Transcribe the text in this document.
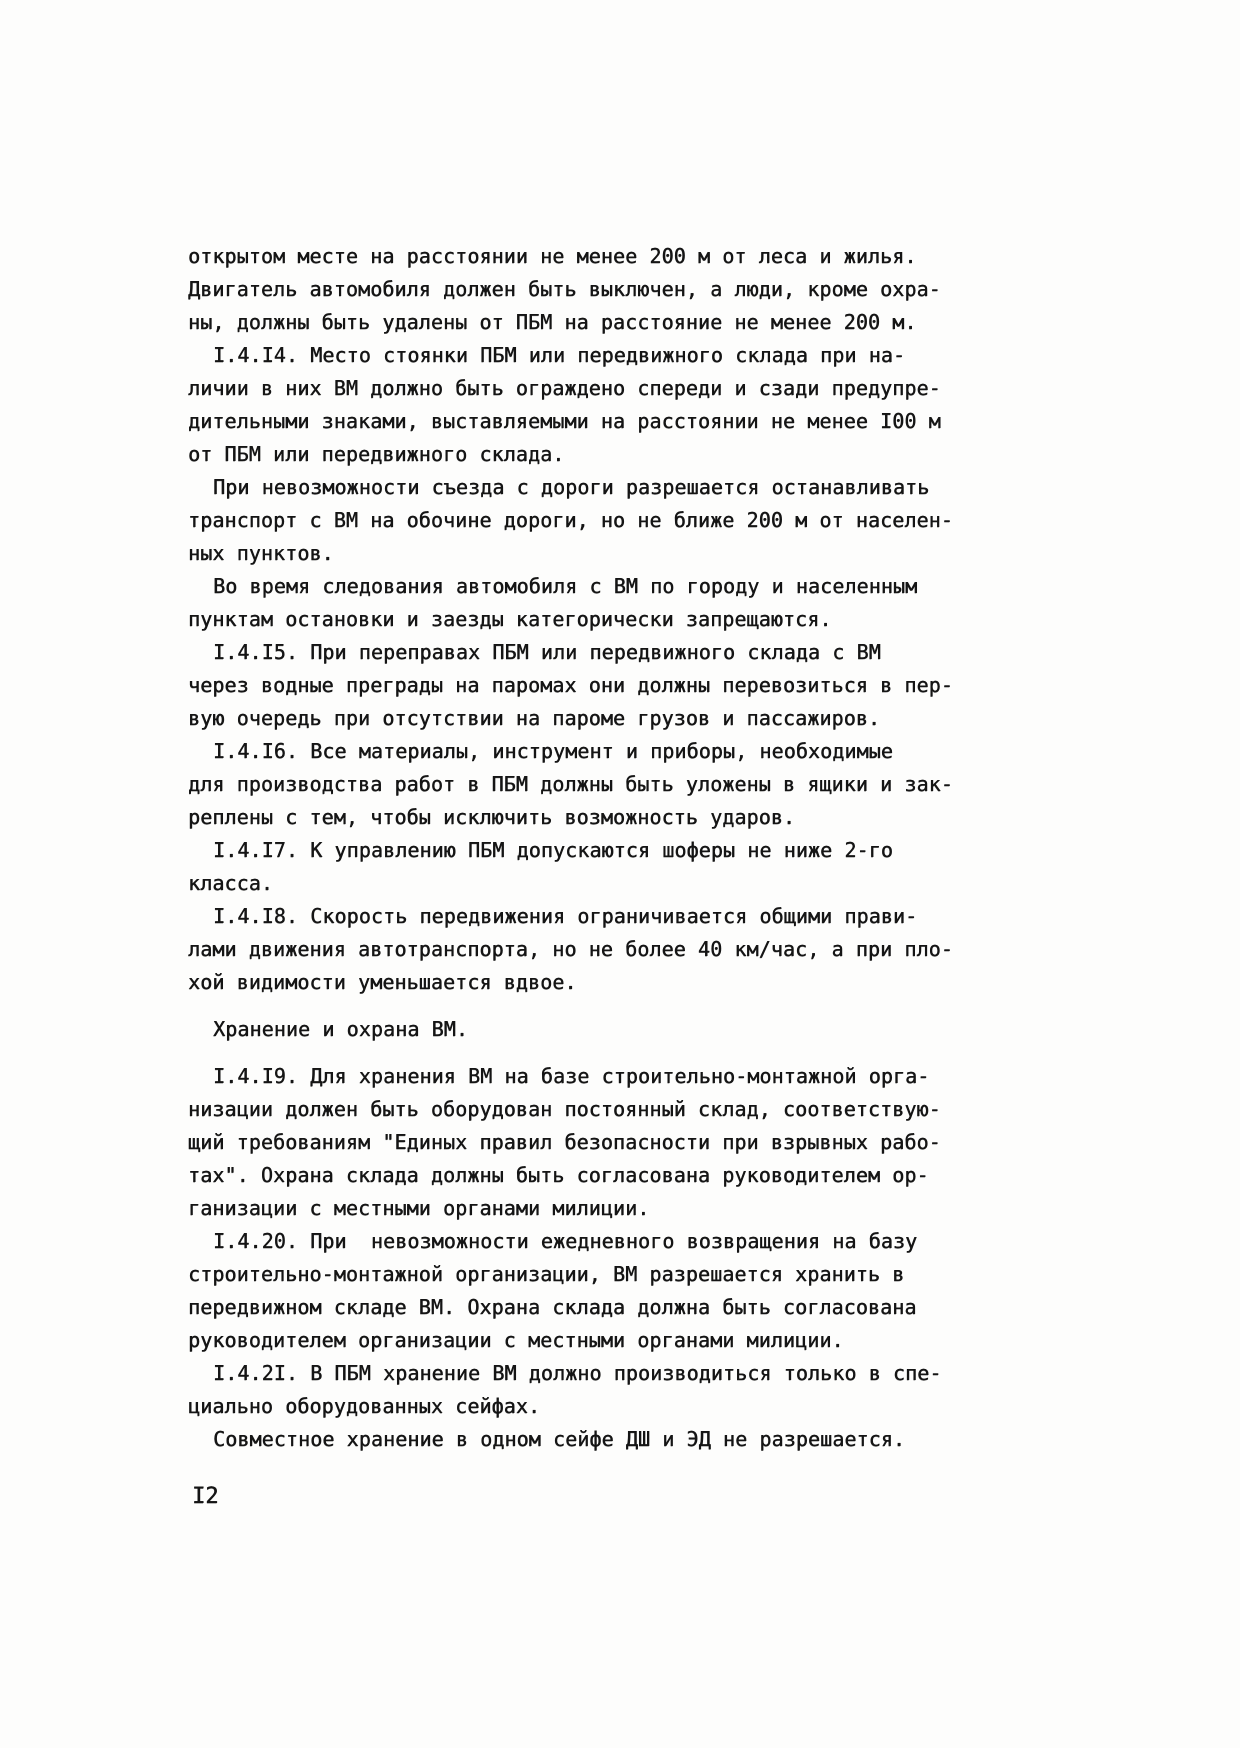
открытом месте на расстоянии не менее 200 м от леса и жилья.
Двигатель автомобиля должен быть выключен, а люди, кроме охра-
ны, должны быть удалены от ПБМ на расстояние не менее 200 м.
I.4.I4. Место стоянки ПБМ или передвижного склада при на-
личии в них ВМ должно быть ограждено спереди и сзади предупре-
дительными знаками, выставляемыми на расстоянии не менее I00 м
от ПБМ или передвижного склада.
При невозможности съезда с дороги разрешается останавливать
транспорт с ВМ на обочине дороги, но не ближе 200 м от населен-
ных пунктов.
Во время следования автомобиля с ВМ по городу и населенным
пунктам остановки и заезды категорически запрещаются.
I.4.I5. При переправах ПБМ или передвижного склада с ВМ
через водные преграды на паромах они должны перевозиться в пер-
вую очередь при отсутствии на пароме грузов и пассажиров.
I.4.I6. Все материалы, инструмент и приборы, необходимые
для производства работ в ПБМ должны быть уложены в ящики и зак-
реплены с тем, чтобы исключить возможность ударов.
I.4.I7. К управлению ПБМ допускаются шоферы не ниже 2-го
класса.
I.4.I8. Скорость передвижения ограничивается общими прави-
лами движения автотранспорта, но не более 40 км/час, а при пло-
хой видимости уменьшается вдвое.
Хранение и охрана ВМ.
I.4.I9. Для хранения ВМ на базе строительно-монтажной орга-
низации должен быть оборудован постоянный склад, соответствую-
щий требованиям "Единых правил безопасности при взрывных рабо-
тах". Охрана склада должны быть согласована руководителем ор-
ганизации с местными органами милиции.
I.4.20. При  невозможности ежедневного возвращения на базу
строительно-монтажной организации, ВМ разрешается хранить в
передвижном складе ВМ. Охрана склада должна быть согласована
руководителем организации с местными органами милиции.
I.4.2I. В ПБМ хранение ВМ должно производиться только в спе-
циально оборудованных сейфах.
Совместное хранение в одном сейфе ДШ и ЭД не разрешается.
I2
